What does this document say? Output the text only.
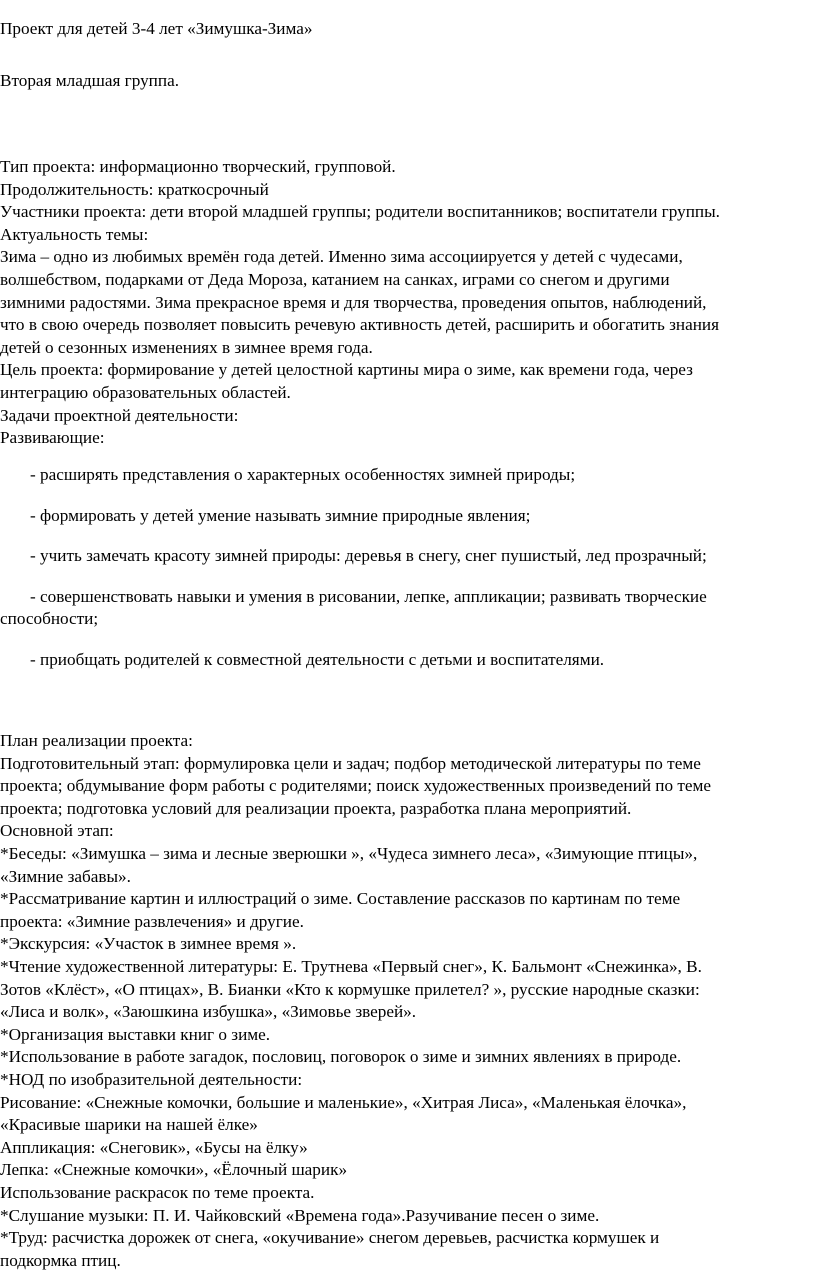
Проект для детей 3-4 лет «Зимушка-Зима»
Вторая младшая группа.
Тип проекта: информационно творческий, групповой.
Продолжительность: краткосрочный
Участники проекта: дети второй младшей группы; родители воспитанников; воспитатели группы.
Актуальность темы:
Зима – одно из любимых времён года детей. Именно зима ассоциируется у детей с чудесами,
волшебством, подарками от Деда Мороза, катанием на санках, играми со снегом и другими
зимними радостями. Зима прекрасное время и для творчества, проведения опытов, наблюдений,
что в свою очередь позволяет повысить речевую активность детей, расширить и обогатить знания
детей о сезонных изменениях в зимнее время года.
Цель проекта: формирование у детей целостной картины мира о зиме, как времени года, через
интеграцию образовательных областей.
Задачи проектной деятельности:
Развивающие:
- расширять представления о характерных особенностях зимней природы;
- формировать у детей умение называть зимние природные явления;
- учить замечать красоту зимней природы: деревья в снегу, снег пушистый, лед прозрачный;
- совершенствовать навыки и умения в рисовании, лепке, аппликации; развивать творческие
способности;
- приобщать родителей к совместной деятельности с детьми и воспитателями.
План реализации проекта:
Подготовительный этап: формулировка цели и задач; подбор методической литературы по теме
проекта; обдумывание форм работы с родителями; поиск художественных произведений по теме
проекта; подготовка условий для реализации проекта, разработка плана мероприятий.
Основной этап:
*Беседы: «Зимушка – зима и лесные зверюшки », «Чудеса зимнего леса», «Зимующие птицы»,
«Зимние забавы».
*Рассматривание картин и иллюстраций о зиме. Составление рассказов по картинам по теме
проекта: «Зимние развлечения» и другие.
*Экскурсия: «Участок в зимнее время ».
*Чтение художественной литературы: Е. Трутнева «Первый снег», К. Бальмонт «Снежинка», В.
Зотов «Клёст», «О птицах», В. Бианки «Кто к кормушке прилетел? », русские народные сказки:
«Лиса и волк», «Заюшкина избушка», «Зимовье зверей».
*Организация выставки книг о зиме.
*Использование в работе загадок, пословиц, поговорок о зиме и зимних явлениях в природе.
*НОД по изобразительной деятельности:
Рисование: «Снежные комочки, большие и маленькие», «Хитрая Лиса», «Маленькая ёлочка»,
«Красивые шарики на нашей ёлке»
Аппликация: «Снеговик», «Бусы на ёлку»
Лепка: «Снежные комочки», «Ёлочный шарик»
Использование раскрасок по теме проекта.
*Слушание музыки: П. И. Чайковский «Времена года».Разучивание песен о зиме.
*Труд: расчистка дорожек от снега, «окучивание» снегом деревьев, расчистка кормушек и
подкормка птиц.
